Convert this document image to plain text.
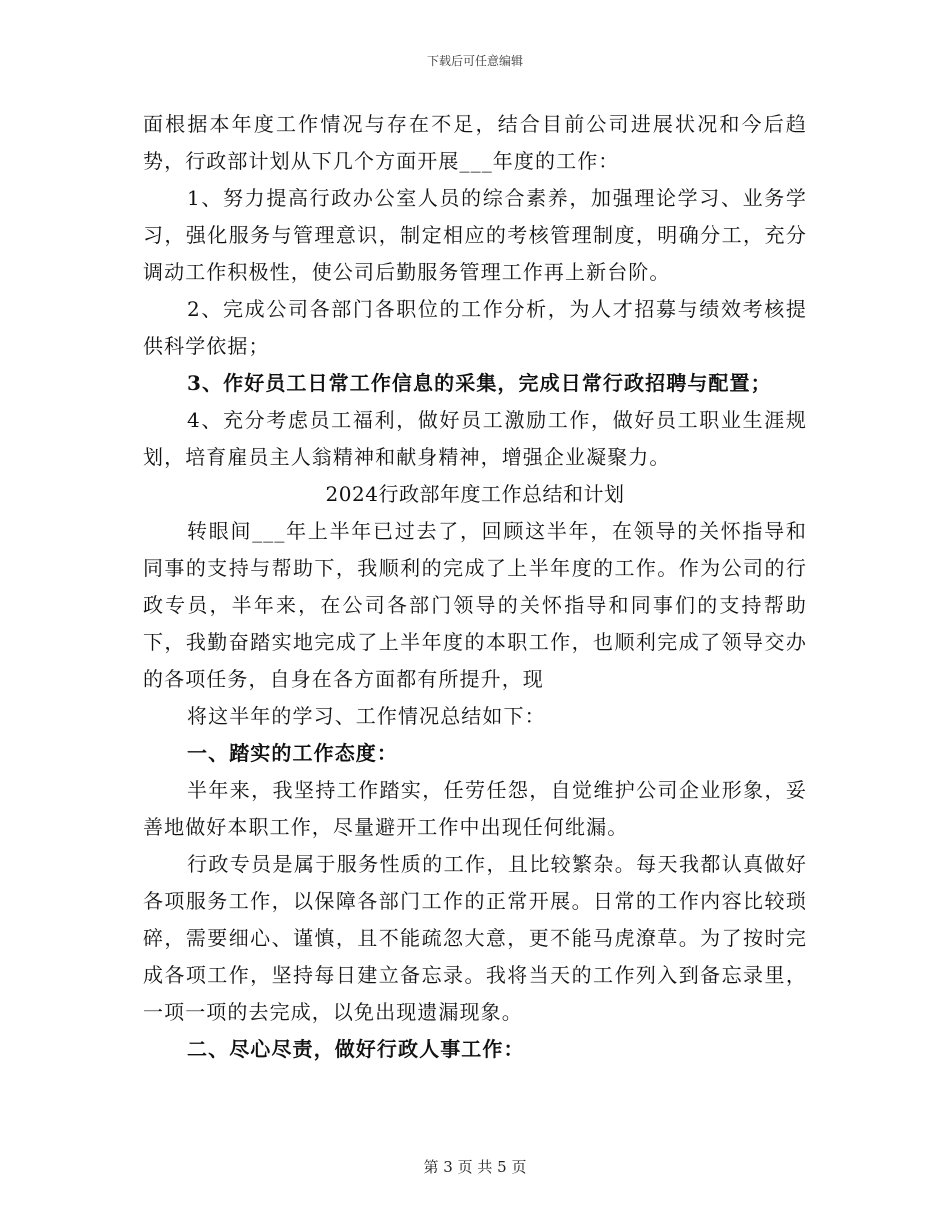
下载后可任意编辑

面根据本年度工作情况与存在不足，结合目前公司进展状况和今后趋势，行政部计划从下几个方面开展___年度的工作：

1、努力提高行政办公室人员的综合素养，加强理论学习、业务学习，强化服务与管理意识，制定相应的考核管理制度，明确分工，充分调动工作积极性，使公司后勤服务管理工作再上新台阶。

2、完成公司各部门各职位的工作分析，为人才招募与绩效考核提供科学依据；

3、作好员工日常工作信息的采集，完成日常行政招聘与配置；

4、充分考虑员工福利，做好员工激励工作，做好员工职业生涯规划，培育雇员主人翁精神和献身精神，增强企业凝聚力。

2024行政部年度工作总结和计划

转眼间___年上半年已过去了，回顾这半年，在领导的关怀指导和同事的支持与帮助下，我顺利的完成了上半年度的工作。作为公司的行政专员，半年来，在公司各部门领导的关怀指导和同事们的支持帮助下，我勤奋踏实地完成了上半年度的本职工作，也顺利完成了领导交办的各项任务，自身在各方面都有所提升，现

将这半年的学习、工作情况总结如下：

一、踏实的工作态度：

半年来，我坚持工作踏实，任劳任怨，自觉维护公司企业形象，妥善地做好本职工作，尽量避开工作中出现任何纰漏。

行政专员是属于服务性质的工作，且比较繁杂。每天我都认真做好各项服务工作，以保障各部门工作的正常开展。日常的工作内容比较琐碎，需要细心、谨慎，且不能疏忽大意，更不能马虎潦草。为了按时完成各项工作，坚持每日建立备忘录。我将当天的工作列入到备忘录里，一项一项的去完成，以免出现遗漏现象。

二、尽心尽责，做好行政人事工作：

第 3 页 共 5 页
